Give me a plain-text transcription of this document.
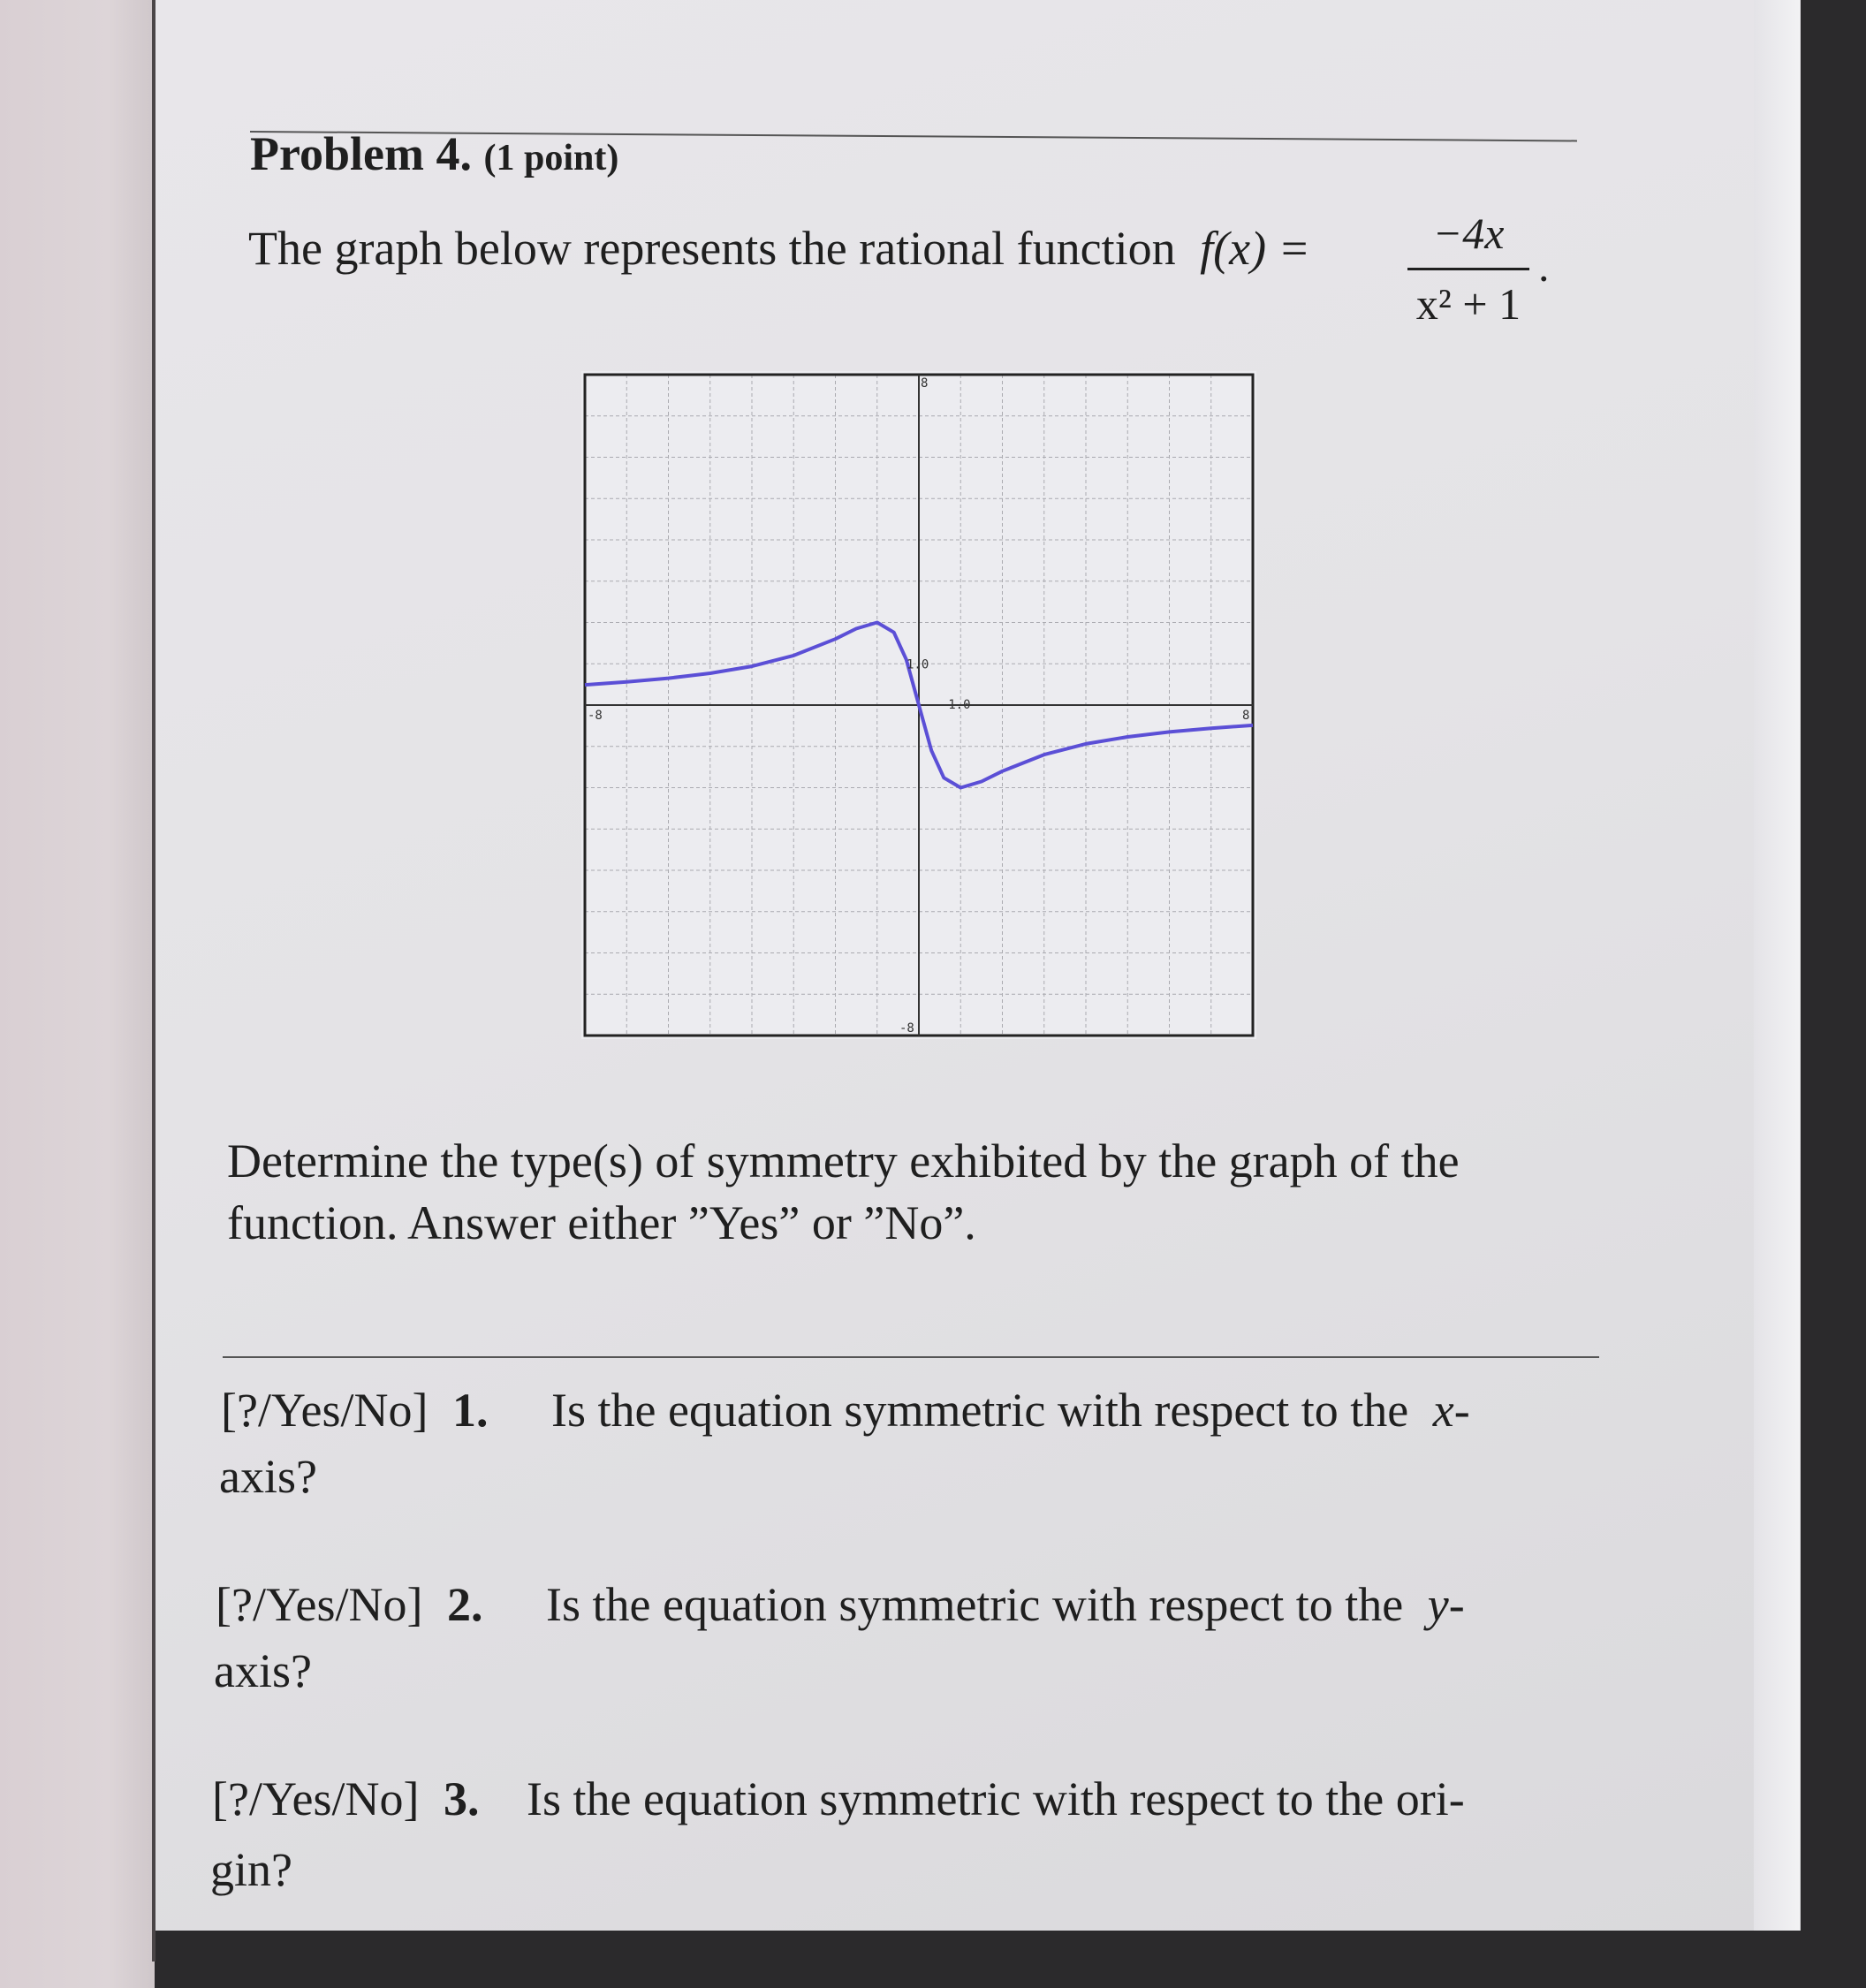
Problem 4. (1 point)
The graph below represents the rational function f(x) =	−4x
x² + 1
.
-8	8
8
-8
1.0
1.0
Determine the type(s) of symmetry exhibited by the graph of the
function. Answer either ”Yes” or ”No”.
[?/Yes/No] 1. Is the equation symmetric with respect to the x-
axis?
[?/Yes/No] 2. Is the equation symmetric with respect to the y-
axis?
[?/Yes/No] 3. Is the equation symmetric with respect to the ori-
gin?
